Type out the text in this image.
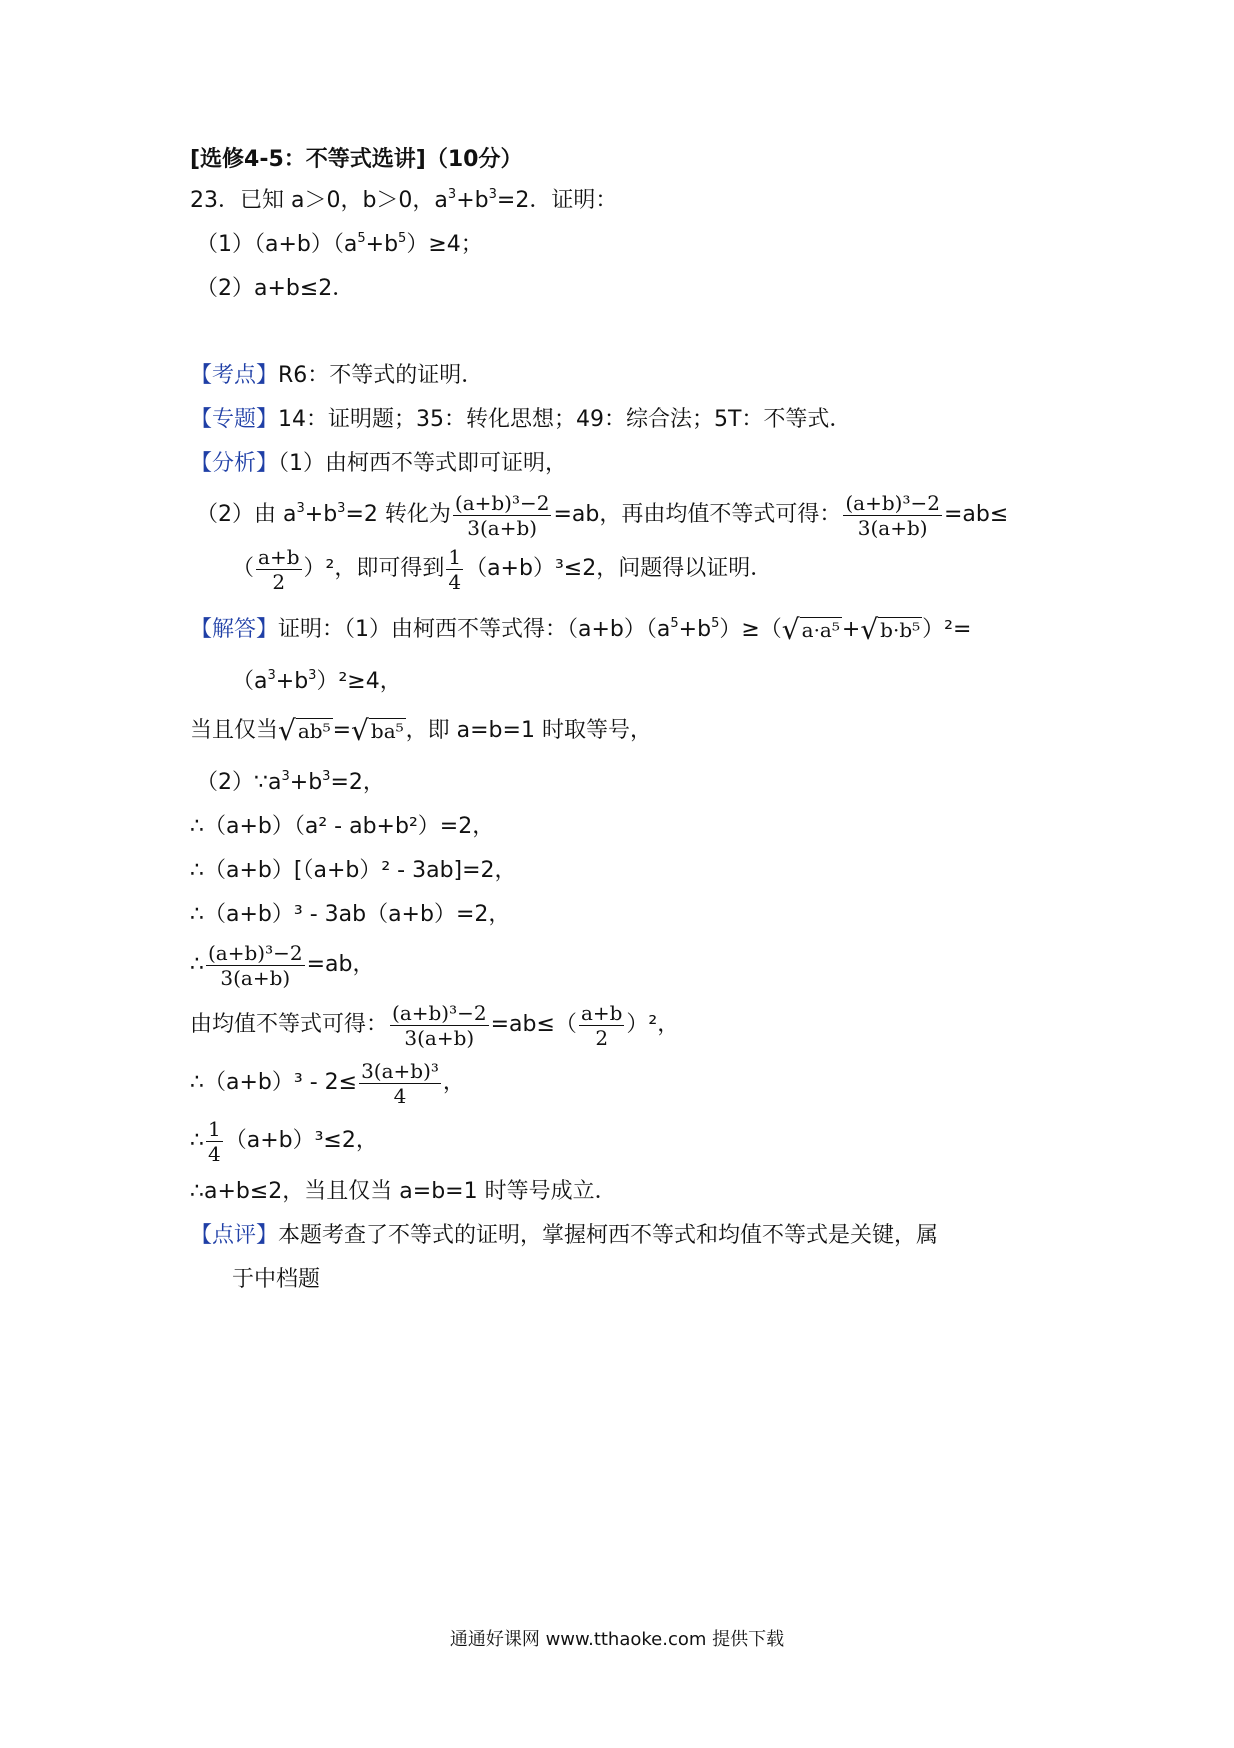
[选修4-5：不等式选讲]（10分）
23．已知 a＞0，b＞0，$a^3+b^3=2$．证明：
$(1)(a+b)(a^5+b^5)\ge 4$；
（2）a+b≤2．
【考点】R6：不等式的证明．
【专题】14：证明题；35：转化思想；49：综合法；5T：不等式．
【分析】（1）由柯西不等式即可证明，
（2）由 $a^3+b^3=2$ 转化为 $\frac{\text{(a+b)³−2}}{3(a+b)} =ab$，再由均值不等式可得： $\frac{\text{(a+b)³−2}}{3(a+b)} =ab\le$
（ $\frac{a+b}{2} )^2$，即可得到 $\frac{1}{4} (a+b)^3\le 2$，问题得以证明．
【解答】证明：（1）由柯西不等式得：$(a+b)(a^5+b^5)\ge(√$ a·a⁵+√ b·b⁵）²=
$(a^3+b^3)^2\ge 4$，
当且仅当√ ab⁵=√ ba⁵，即 a=b=1 时取等号，
$(2)\because a^3+b^3=2$，
∴（a+b）（a² - ab+b²）=2，
∴（a+b）[（a+b）² - 3ab]=2，
∴（a+b）³ - 3ab（a+b）=2，
∴ $\frac{\text{(a+b)³−2}}{3(a+b)} =ab$，
由均值不等式可得： $\frac{\text{(a+b)³−2}}{3(a+b)} =ab\le( \frac{a+b}{2} )^2$，
∴（a+b）³ - $2\le \frac{\text{3(a+b)³}}{4}$ ，
∴ $\frac{1}{4} (a+b)^3\le 2$，
∴a+b≤2，当且仅当 a=b=1 时等号成立．
【点评】本题考查了不等式的证明，掌握柯西不等式和均值不等式是关键，属
于中档题
通通好课网 www.tthaoke.com 提供下载
